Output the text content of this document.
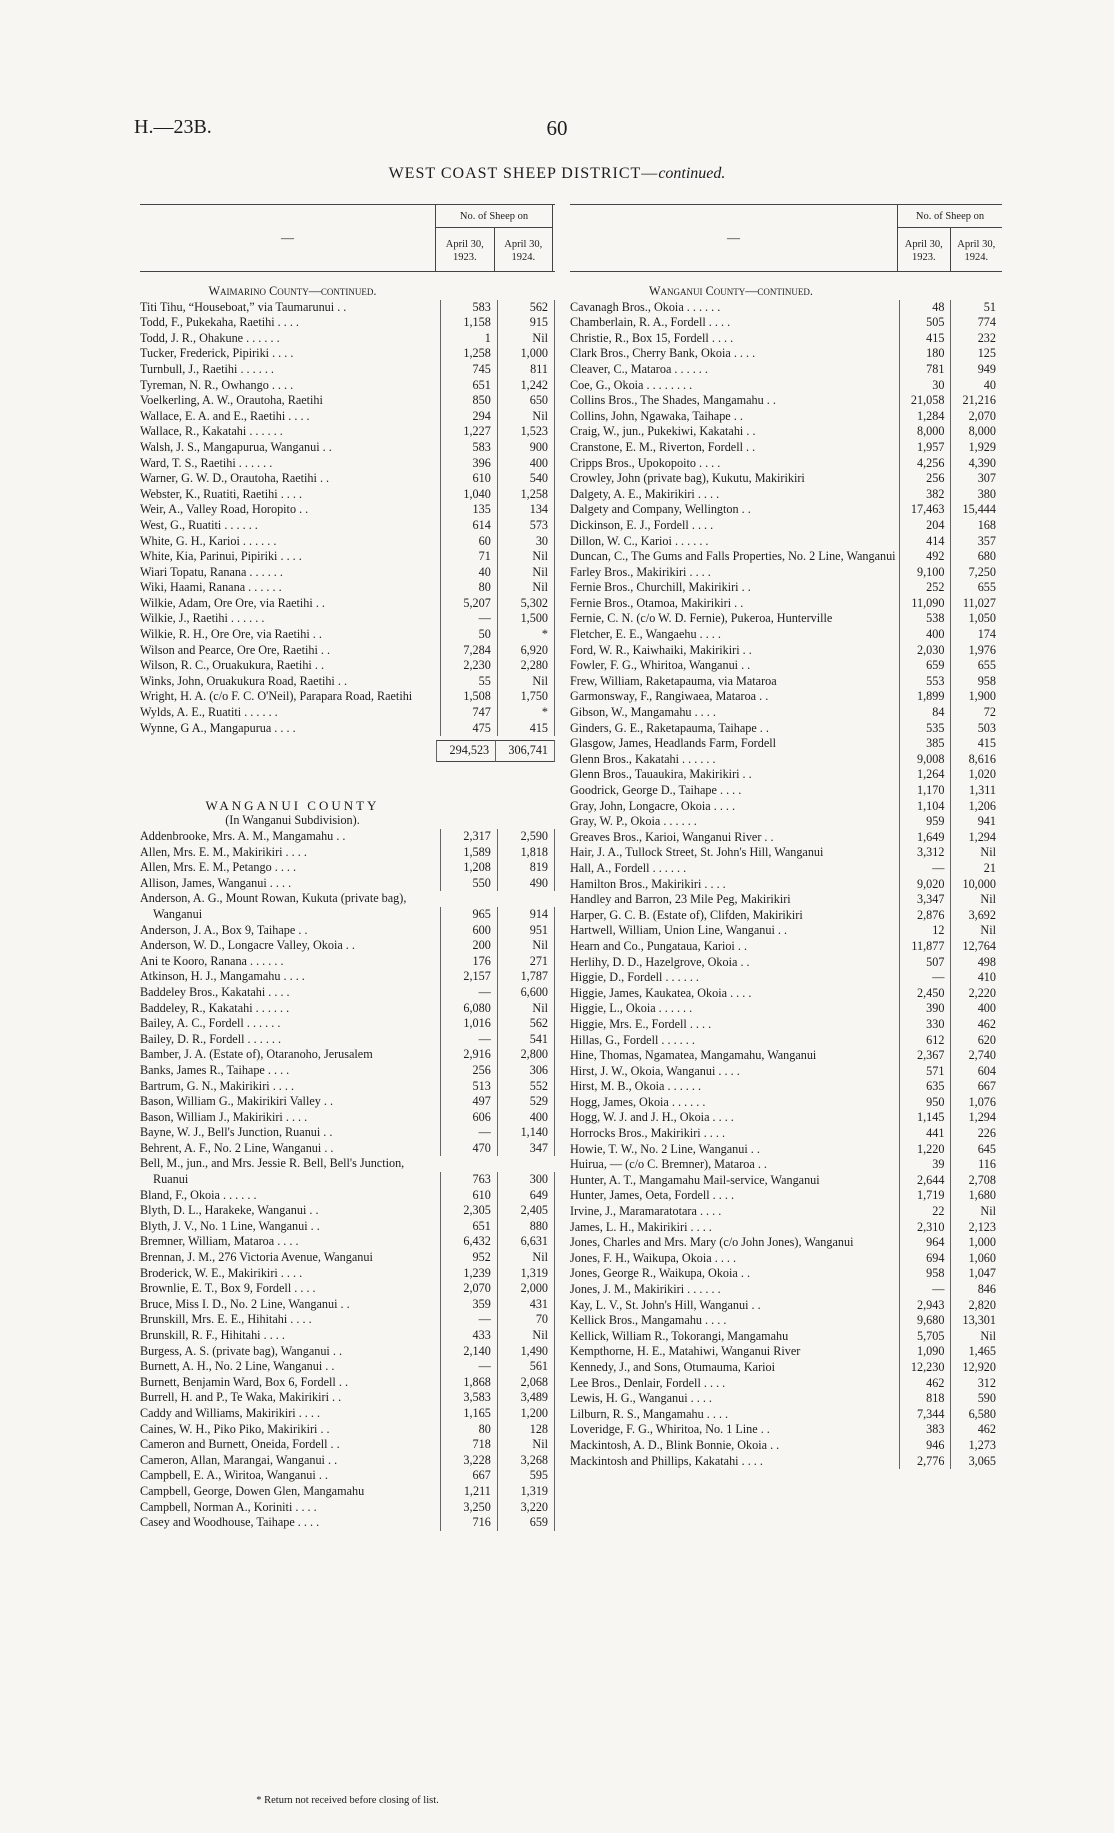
H.—23B.	60
WEST COAST SHEEP DISTRICT—continued.
—
No. of Sheep on
April 30, 1923.
April 30, 1924.
Waimarino County—continued.
Titi Tihu, “Houseboat,” via Taumarunui . .	583	562
Todd, F., Pukekaha, Raetihi . . . .	1,158	915
Todd, J. R., Ohakune . . . . . .	1	Nil
Tucker, Frederick, Pipiriki . . . .	1,258	1,000
Turnbull, J., Raetihi . . . . . .	745	811
Tyreman, N. R., Owhango . . . .	651	1,242
Voelkerling, A. W., Orautoha, Raetihi	850	650
Wallace, E. A. and E., Raetihi . . . .	294	Nil
Wallace, R., Kakatahi . . . . . .	1,227	1,523
Walsh, J. S., Mangapurua, Wanganui . .	583	900
Ward, T. S., Raetihi . . . . . .	396	400
Warner, G. W. D., Orautoha, Raetihi . .	610	540
Webster, K., Ruatiti, Raetihi . . . .	1,040	1,258
Weir, A., Valley Road, Horopito . .	135	134
West, G., Ruatiti . . . . . .	614	573
White, G. H., Karioi . . . . . .	60	30
White, Kia, Parinui, Pipiriki . . . .	71	Nil
Wiari Topatu, Ranana . . . . . .	40	Nil
Wiki, Haami, Ranana . . . . . .	80	Nil
Wilkie, Adam, Ore Ore, via Raetihi . .	5,207	5,302
Wilkie, J., Raetihi . . . . . .	—	1,500
Wilkie, R. H., Ore Ore, via Raetihi . .	50	*
Wilson and Pearce, Ore Ore, Raetihi . .	7,284	6,920
Wilson, R. C., Oruakukura, Raetihi . .	2,230	2,280
Winks, John, Oruakukura Road, Raetihi . .	55	Nil
Wright, H. A. (c/o F. C. O'Neil), Parapara Road, Raetihi	1,508	1,750
Wylds, A. E., Ruatiti . . . . . .	747	*
Wynne, G A., Mangapurua . . . .	475	415
294,523	306,741
WANGANUI COUNTY
(In Wanganui Subdivision).
Addenbrooke, Mrs. A. M., Mangamahu . .	2,317	2,590
Allen, Mrs. E. M., Makirikiri . . . .	1,589	1,818
Allen, Mrs. E. M., Petango . . . .	1,208	819
Allison, James, Wanganui . . . .	550	490
Anderson, A. G., Mount Rowan, Kukuta (private bag), Wanganui	965	914
Anderson, J. A., Box 9, Taihape . .	600	951
Anderson, W. D., Longacre Valley, Okoia . .	200	Nil
Ani te Kooro, Ranana . . . . . .	176	271
Atkinson, H. J., Mangamahu . . . .	2,157	1,787
Baddeley Bros., Kakatahi . . . .	—	6,600
Baddeley, R., Kakatahi . . . . . .	6,080	Nil
Bailey, A. C., Fordell . . . . . .	1,016	562
Bailey, D. R., Fordell . . . . . .	—	541
Bamber, J. A. (Estate of), Otaranoho, Jerusalem	2,916	2,800
Banks, James R., Taihape . . . .	256	306
Bartrum, G. N., Makirikiri . . . .	513	552
Bason, William G., Makirikiri Valley . .	497	529
Bason, William J., Makirikiri . . . .	606	400
Bayne, W. J., Bell's Junction, Ruanui . .	—	1,140
Behrent, A. F., No. 2 Line, Wanganui . .	470	347
Bell, M., jun., and Mrs. Jessie R. Bell, Bell's Junction, Ruanui	763	300
Bland, F., Okoia . . . . . .	610	649
Blyth, D. L., Harakeke, Wanganui . .	2,305	2,405
Blyth, J. V., No. 1 Line, Wanganui . .	651	880
Bremner, William, Mataroa . . . .	6,432	6,631
Brennan, J. M., 276 Victoria Avenue, Wanganui	952	Nil
Broderick, W. E., Makirikiri . . . .	1,239	1,319
Brownlie, E. T., Box 9, Fordell . . . .	2,070	2,000
Bruce, Miss I. D., No. 2 Line, Wanganui . .	359	431
Brunskill, Mrs. E. E., Hihitahi . . . .	—	70
Brunskill, R. F., Hihitahi . . . .	433	Nil
Burgess, A. S. (private bag), Wanganui . .	2,140	1,490
Burnett, A. H., No. 2 Line, Wanganui . .	—	561
Burnett, Benjamin Ward, Box 6, Fordell . .	1,868	2,068
Burrell, H. and P., Te Waka, Makirikiri . .	3,583	3,489
Caddy and Williams, Makirikiri . . . .	1,165	1,200
Caines, W. H., Piko Piko, Makirikiri . .	80	128
Cameron and Burnett, Oneida, Fordell . .	718	Nil
Cameron, Allan, Marangai, Wanganui . .	3,228	3,268
Campbell, E. A., Wiritoa, Wanganui . .	667	595
Campbell, George, Dowen Glen, Mangamahu	1,211	1,319
Campbell, Norman A., Koriniti . . . .	3,250	3,220
Casey and Woodhouse, Taihape . . . .	716	659
—
No. of Sheep on
April 30, 1923.
April 30, 1924.
Wanganui County—continued.
Cavanagh Bros., Okoia . . . . . .	48	51
Chamberlain, R. A., Fordell . . . .	505	774
Christie, R., Box 15, Fordell . . . .	415	232
Clark Bros., Cherry Bank, Okoia . . . .	180	125
Cleaver, C., Mataroa . . . . . .	781	949
Coe, G., Okoia . . . . . . . .	30	40
Collins Bros., The Shades, Mangamahu . .	21,058	21,216
Collins, John, Ngawaka, Taihape . .	1,284	2,070
Craig, W., jun., Pukekiwi, Kakatahi . .	8,000	8,000
Cranstone, E. M., Riverton, Fordell . .	1,957	1,929
Cripps Bros., Upokopoito . . . .	4,256	4,390
Crowley, John (private bag), Kukutu, Makirikiri	256	307
Dalgety, A. E., Makirikiri . . . .	382	380
Dalgety and Company, Wellington . .	17,463	15,444
Dickinson, E. J., Fordell . . . .	204	168
Dillon, W. C., Karioi . . . . . .	414	357
Duncan, C., The Gums and Falls Properties, No. 2 Line, Wanganui	492	680
Farley Bros., Makirikiri . . . .	9,100	7,250
Fernie Bros., Churchill, Makirikiri . .	252	655
Fernie Bros., Otamoa, Makirikiri . .	11,090	11,027
Fernie, C. N. (c/o W. D. Fernie), Pukeroa, Hunterville	538	1,050
Fletcher, E. E., Wangaehu . . . .	400	174
Ford, W. R., Kaiwhaiki, Makirikiri . .	2,030	1,976
Fowler, F. G., Whiritoa, Wanganui . .	659	655
Frew, William, Raketapauma, via Mataroa	553	958
Garmonsway, F., Rangiwaea, Mataroa . .	1,899	1,900
Gibson, W., Mangamahu . . . .	84	72
Ginders, G. E., Raketapauma, Taihape . .	535	503
Glasgow, James, Headlands Farm, Fordell	385	415
Glenn Bros., Kakatahi . . . . . .	9,008	8,616
Glenn Bros., Tauaukira, Makirikiri . .	1,264	1,020
Goodrick, George D., Taihape . . . .	1,170	1,311
Gray, John, Longacre, Okoia . . . .	1,104	1,206
Gray, W. P., Okoia . . . . . .	959	941
Greaves Bros., Karioi, Wanganui River . .	1,649	1,294
Hair, J. A., Tullock Street, St. John's Hill, Wanganui	3,312	Nil
Hall, A., Fordell . . . . . .	—	21
Hamilton Bros., Makirikiri . . . .	9,020	10,000
Handley and Barron, 23 Mile Peg, Makirikiri	3,347	Nil
Harper, G. C. B. (Estate of), Clifden, Makirikiri	2,876	3,692
Hartwell, William, Union Line, Wanganui . .	12	Nil
Hearn and Co., Pungataua, Karioi . .	11,877	12,764
Herlihy, D. D., Hazelgrove, Okoia . .	507	498
Higgie, D., Fordell . . . . . .	—	410
Higgie, James, Kaukatea, Okoia . . . .	2,450	2,220
Higgie, L., Okoia . . . . . .	390	400
Higgie, Mrs. E., Fordell . . . .	330	462
Hillas, G., Fordell . . . . . .	612	620
Hine, Thomas, Ngamatea, Mangamahu, Wanganui	2,367	2,740
Hirst, J. W., Okoia, Wanganui . . . .	571	604
Hirst, M. B., Okoia . . . . . .	635	667
Hogg, James, Okoia . . . . . .	950	1,076
Hogg, W. J. and J. H., Okoia . . . .	1,145	1,294
Horrocks Bros., Makirikiri . . . .	441	226
Howie, T. W., No. 2 Line, Wanganui . .	1,220	645
Huirua, — (c/o C. Bremner), Mataroa . .	39	116
Hunter, A. T., Mangamahu Mail-service, Wanganui	2,644	2,708
Hunter, James, Oeta, Fordell . . . .	1,719	1,680
Irvine, J., Maramaratotara . . . .	22	Nil
James, L. H., Makirikiri . . . .	2,310	2,123
Jones, Charles and Mrs. Mary (c/o John Jones), Wanganui	964	1,000
Jones, F. H., Waikupa, Okoia . . . .	694	1,060
Jones, George R., Waikupa, Okoia . .	958	1,047
Jones, J. M., Makirikiri . . . . . .	—	846
Kay, L. V., St. John's Hill, Wanganui . .	2,943	2,820
Kellick Bros., Mangamahu . . . .	9,680	13,301
Kellick, William R., Tokorangi, Mangamahu	5,705	Nil
Kempthorne, H. E., Matahiwi, Wanganui River	1,090	1,465
Kennedy, J., and Sons, Otumauma, Karioi	12,230	12,920
Lee Bros., Denlair, Fordell . . . .	462	312
Lewis, H. G., Wanganui . . . .	818	590
Lilburn, R. S., Mangamahu . . . .	7,344	6,580
Loveridge, F. G., Whiritoa, No. 1 Line . .	383	462
Mackintosh, A. D., Blink Bonnie, Okoia . .	946	1,273
Mackintosh and Phillips, Kakatahi . . . .	2,776	3,065
* Return not received before closing of list.
